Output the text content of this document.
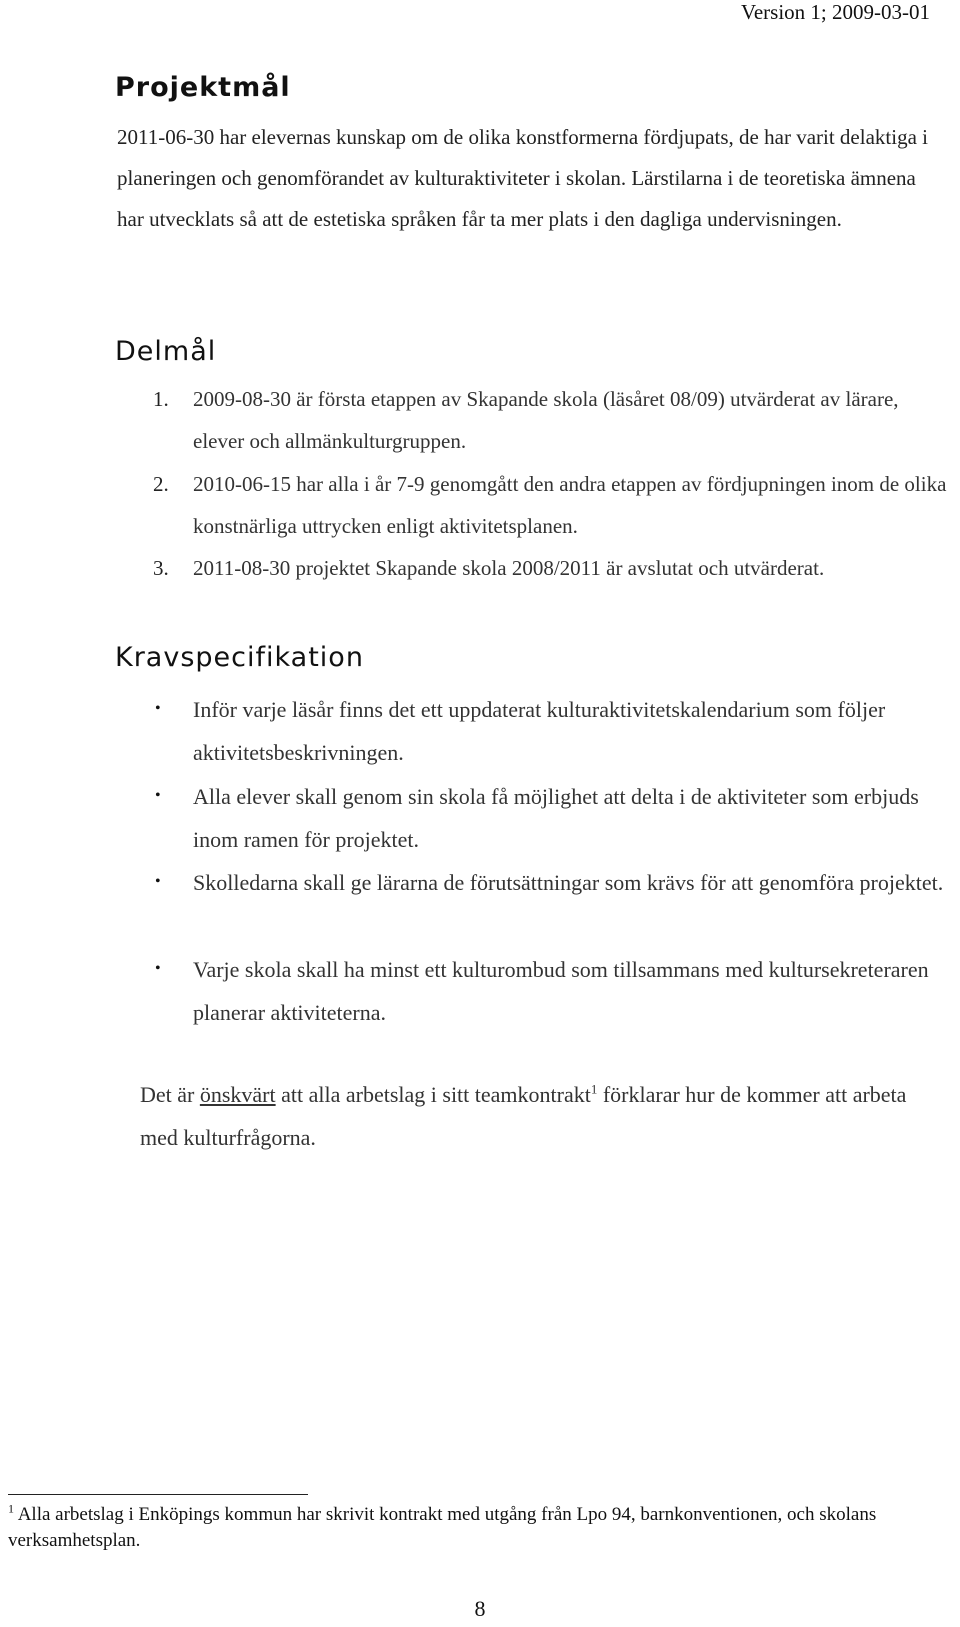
Version 1; 2009-03-01
Projektmål

2011-06-30 har elevernas kunskap om de olika konstformerna fördjupats, de har varit delaktiga i planeringen och genomförandet av kulturaktiviteter i skolan. Lärstilarna i de teoretiska ämnena har utvecklats så att de estetiska språken får ta mer plats i den dagliga undervisningen.

Delmål
1. 2009-08-30 är första etappen av Skapande skola (läsåret 08/09) utvärderat av lärare, elever och allmänkulturgruppen.

2. 2010-06-15 har alla i år 7-9 genomgått den andra etappen av fördjupningen inom de olika konstnärliga uttrycken enligt aktivitetsplanen.

3. 2011-08-30 projektet Skapande skola 2008/2011 är avslutat och utvärderat.

Kravspecifikation
• Inför varje läsår finns det ett uppdaterat kulturaktivitetskalendarium som följer aktivitetsbeskrivningen.

• Alla elever skall genom sin skola få möjlighet att delta i de aktiviteter som erbjuds inom ramen för projektet.

• Skolledarna skall ge lärarna de förutsättningar som krävs för att genomföra projektet.

• Varje skola skall ha minst ett kulturombud som tillsammans med kultursekreteraren planerar aktiviteterna.

Det är önskvärt att alla arbetslag i sitt teamkontrakt$^1$ förklarar hur de kommer att arbeta med kulturfrågorna.

$^1$ Alla arbetslag i Enköpings kommun har skrivit kontrakt med utgång från Lpo 94, barnkonventionen, och skolans verksamhetsplan.

8
